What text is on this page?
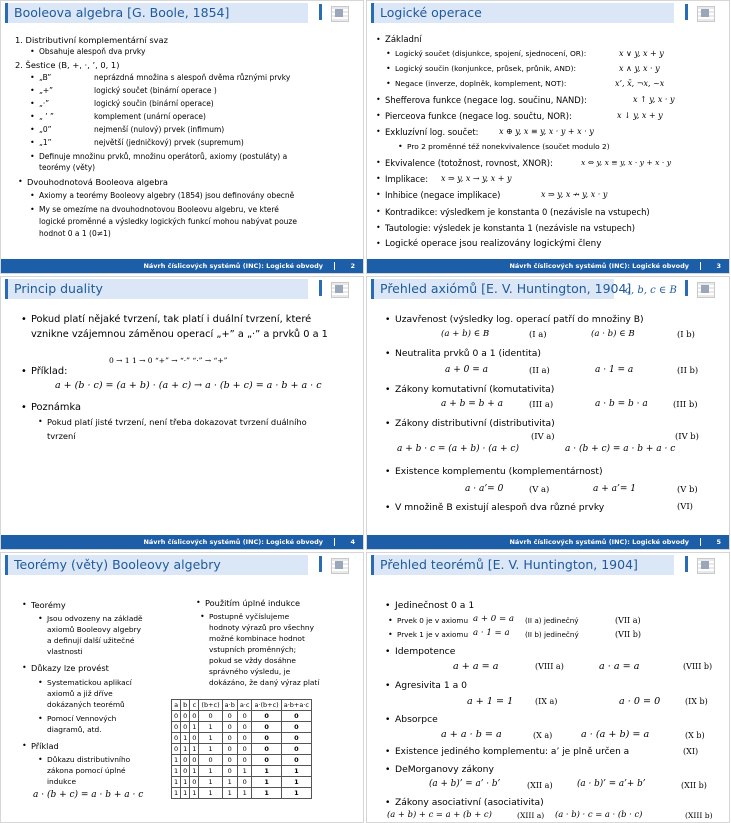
Booleova algebra [G. Boole, 1854]
1. Distributivní komplementární svaz
• Obsahuje alespoň dva prvky
2. Šestice (B, +, ·, ’, 0, 1)
• „B”	neprázdná množina s alespoň dvěma různými prvky
• „+”	logický součet (binární operace )
• „·”	logický součin (binární operace)
• „ ’ ”	komplement (unární operace)
• „0”	nejmenší (nulový) prvek (infimum)
• „1”	největší (jedničkový) prvek (supremum)
• Definuje množinu prvků, množinu operátorů, axiomy (postuláty) a
teorémy (věty)
• Dvouhodnotová Booleova algebra
• Axiomy a teorémy Booleovy algebry (1854) jsou definovány obecně
• My se omezíme na dvouhodnotovou Booleovu algebru, ve které
logické proměnné a výsledky logických funkcí mohou nabývat pouze
hodnot 0 a 1 (0≠1)
Návrh číslicových systémů (INC): Logické obvody	2
Logické operace
• Základní
• Logický součet (disjunkce, spojení, sjednocení, OR):	x ∨ y, x + y
• Logický součin (konjunkce, průsek, průnik, AND):	x ∧ y, x · y
• Negace (inverze, doplněk, komplement, NOT):	x’, x̄, ¬x, ~x
• Shefferova funkce (negace log. součinu, NAND):	x ↑ y, x · y
• Pierceova funkce (negace log. součtu, NOR):	x ↓ y, x + y
• Exkluzívní log. součet:	x ⊕ y, x ≡ y, x · y + x · y
• Pro 2 proměnné též nonekvivalence (součet modulo 2)
• Ekvivalence (totožnost, rovnost, XNOR):	x ⇔ y, x ≡ y, x · y + x · y
• Implikace: x ⇒ y, x → y, x + y
• Inhibice (negace implikace)	x ⇒ y, x ↛ y, x · y
• Kontradikce: výsledkem je konstanta 0 (nezávisle na vstupech)
• Tautologie: výsledek je konstanta 1 (nezávisle na vstupech)
• Logické operace jsou realizovány logickými členy
Návrh číslicových systémů (INC): Logické obvody	3
Princip duality
• Pokud platí nějaké tvrzení, tak platí i duální tvrzení, které
vznikne vzájemnou záměnou operací „+” a „·” a prvků 0 a 1
0 → 1 1 → 0 “+” → “·” “·” → “+”
• Příklad:
a + (b · c) = (a + b) · (a + c) → a · (b + c) = a · b + a · c
• Poznámka
• Pokud platí jisté tvrzení, není třeba dokazovat tvrzení duálního
tvrzení
Návrh číslicových systémů (INC): Logické obvody	4
Přehled axiómů [E. V. Huntington, 1904]
a, b, c ∈ B
• Uzavřenost (výsledky log. operací patří do množiny B)
(a + b) ∈ B	(I a)	(a · b) ∈ B	(I b)
• Neutralita prvků 0 a 1 (identita)
a + 0 = a	(II a)	a · 1 = a	(II b)
• Zákony komutativní (komutativita)
a + b = b + a	(III a)	a · b = b · a	(III b)
• Zákony distributivní (distributivita)
(IV a)	(IV b)
a + b · c = (a + b) · (a + c)	a · (b + c) = a · b + a · c
• Existence komplementu (komplementárnost)
a · a’= 0	(V a)	a + a’= 1	(V b)
• V množině B existují alespoň dva různé prvky	(VI)
Návrh číslicových systémů (INC): Logické obvody	5
Teorémy (věty) Booleovy algebry
• Teorémy
• Jsou odvozeny na základě
axiomů Booleovy algebry
a definují další užitečné
vlastnosti
• Důkazy lze provést
• Systematickou aplikací
axiomů a již dříve
dokázaných teorémů
• Pomocí Vennových
diagramů, atd.
• Příklad
• Důkazu distributivního
zákona pomocí úplné
indukce
a · (b + c) = a · b + a · c
• Použitím úplné indukce
• Postupně vyčíslujeme
hodnoty výrazů pro všechny
možné kombinace hodnot
vstupních proměnných;
pokud se vždy dosáhne
správného výsledu, je
dokázáno, že daný výraz platí
a	b	c	(b+c)	a·b	a·c	a·(b+c)	a·b+a·c
0	0	0	0	0	0	0	0
0	0	1	1	0	0	0	0
0	1	0	1	0	0	0	0
0	1	1	1	0	0	0	0
1	0	0	0	0	0	0	0
1	0	1	1	0	1	1	1
1	1	0	1	1	0	1	1
1	1	1	1	1	1	1	1
Přehled teorémů [E. V. Huntington, 1904]
• Jedinečnost 0 a 1
• Prvek 0 je v axiomu a + 0 = a (II a) jedinečný	(VII a)
• Prvek 1 je v axiomu a · 1 = a (II b) jedinečný	(VII b)
• Idempotence
a + a = a	(VIII a)	a · a = a	(VIII b)
• Agresivita 1 a 0
a + 1 = 1	(IX a)	a · 0 = 0	(IX b)
• Absorpce
a + a · b = a	(X a)	a · (a + b) = a	(X b)
• Existence jediného komplementu: a’ je plně určen a	(XI)
• DeMorganovy zákony
(a + b)’ = a’ · b’	(XII a)	(a · b)’ = a’+ b’	(XII b)
• Zákony asociativní (asociativita)
(a + b) + c = a + (b + c)	(XIII a) (a · b) · c = a · (b · c)	(XIII b)
